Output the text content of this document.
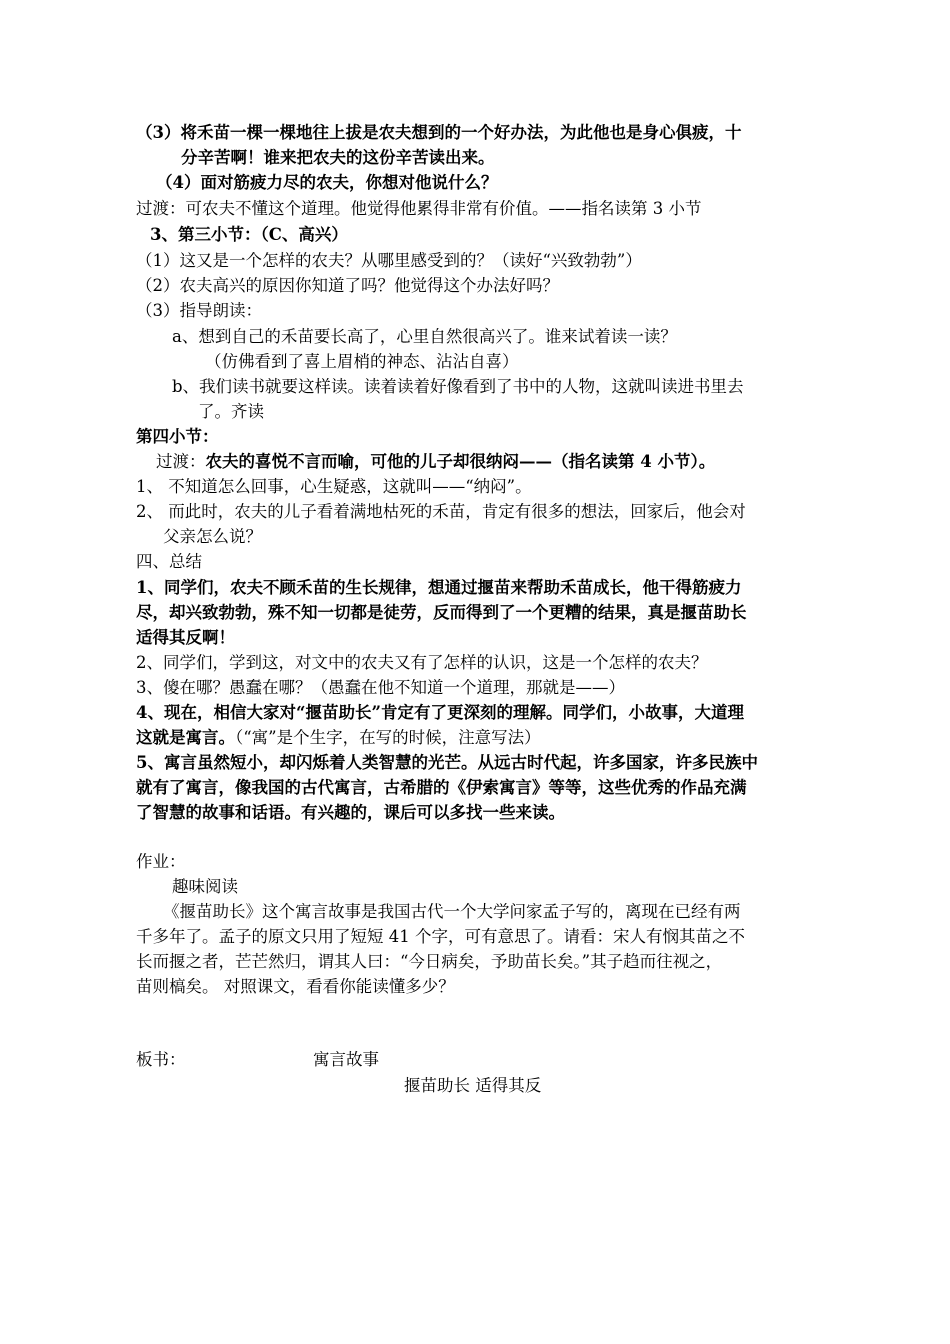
（3）将禾苗一棵一棵地往上拔是农夫想到的一个好办法，为此他也是身心俱疲，十
分辛苦啊！谁来把农夫的这份辛苦读出来。
（4）面对筋疲力尽的农夫，你想对他说什么？
过渡：可农夫不懂这个道理。他觉得他累得非常有价值。——指名读第 3 小节
3、第三小节：（C、高兴）
（1）这又是一个怎样的农夫？从哪里感受到的？（读好“兴致勃勃”）
（2）农夫高兴的原因你知道了吗？他觉得这个办法好吗？
（3）指导朗读：
a、想到自己的禾苗要长高了，心里自然很高兴了。谁来试着读一读？
（仿佛看到了喜上眉梢的神态、沾沾自喜）
b、我们读书就要这样读。读着读着好像看到了书中的人物，这就叫读进书里去
了。齐读
第四小节：
过渡：农夫的喜悦不言而喻，可他的儿子却很纳闷——（指名读第 4 小节）。
1、 不知道怎么回事，心生疑惑，这就叫——“纳闷”。
2、 而此时，农夫的儿子看着满地枯死的禾苗，肯定有很多的想法，回家后，他会对
父亲怎么说？
四、总结
1、同学们，农夫不顾禾苗的生长规律，想通过揠苗来帮助禾苗成长，他干得筋疲力
尽，却兴致勃勃，殊不知一切都是徒劳，反而得到了一个更糟的结果，真是揠苗助长
适得其反啊！
2、同学们，学到这，对文中的农夫又有了怎样的认识，这是一个怎样的农夫？
3、傻在哪？愚蠢在哪？（愚蠢在他不知道一个道理，那就是——）
4、现在，相信大家对“揠苗助长”肯定有了更深刻的理解。同学们，小故事，大道理
这就是寓言。（“寓”是个生字，在写的时候，注意写法）
5、寓言虽然短小，却闪烁着人类智慧的光芒。从远古时代起，许多国家，许多民族中
就有了寓言，像我国的古代寓言，古希腊的《伊索寓言》等等，这些优秀的作品充满
了智慧的故事和话语。有兴趣的，课后可以多找一些来读。
作业：
趣味阅读
《揠苗助长》这个寓言故事是我国古代一个大学问家孟子写的，离现在已经有两
千多年了。孟子的原文只用了短短 41 个字，可有意思了。请看：宋人有悯其苗之不
长而揠之者，芒芒然归，谓其人曰：“今日病矣，予助苗长矣。”其子趋而往视之，
苗则槁矣。 对照课文，看看你能读懂多少？
板书：	寓言故事
揠苗助长 适得其反
